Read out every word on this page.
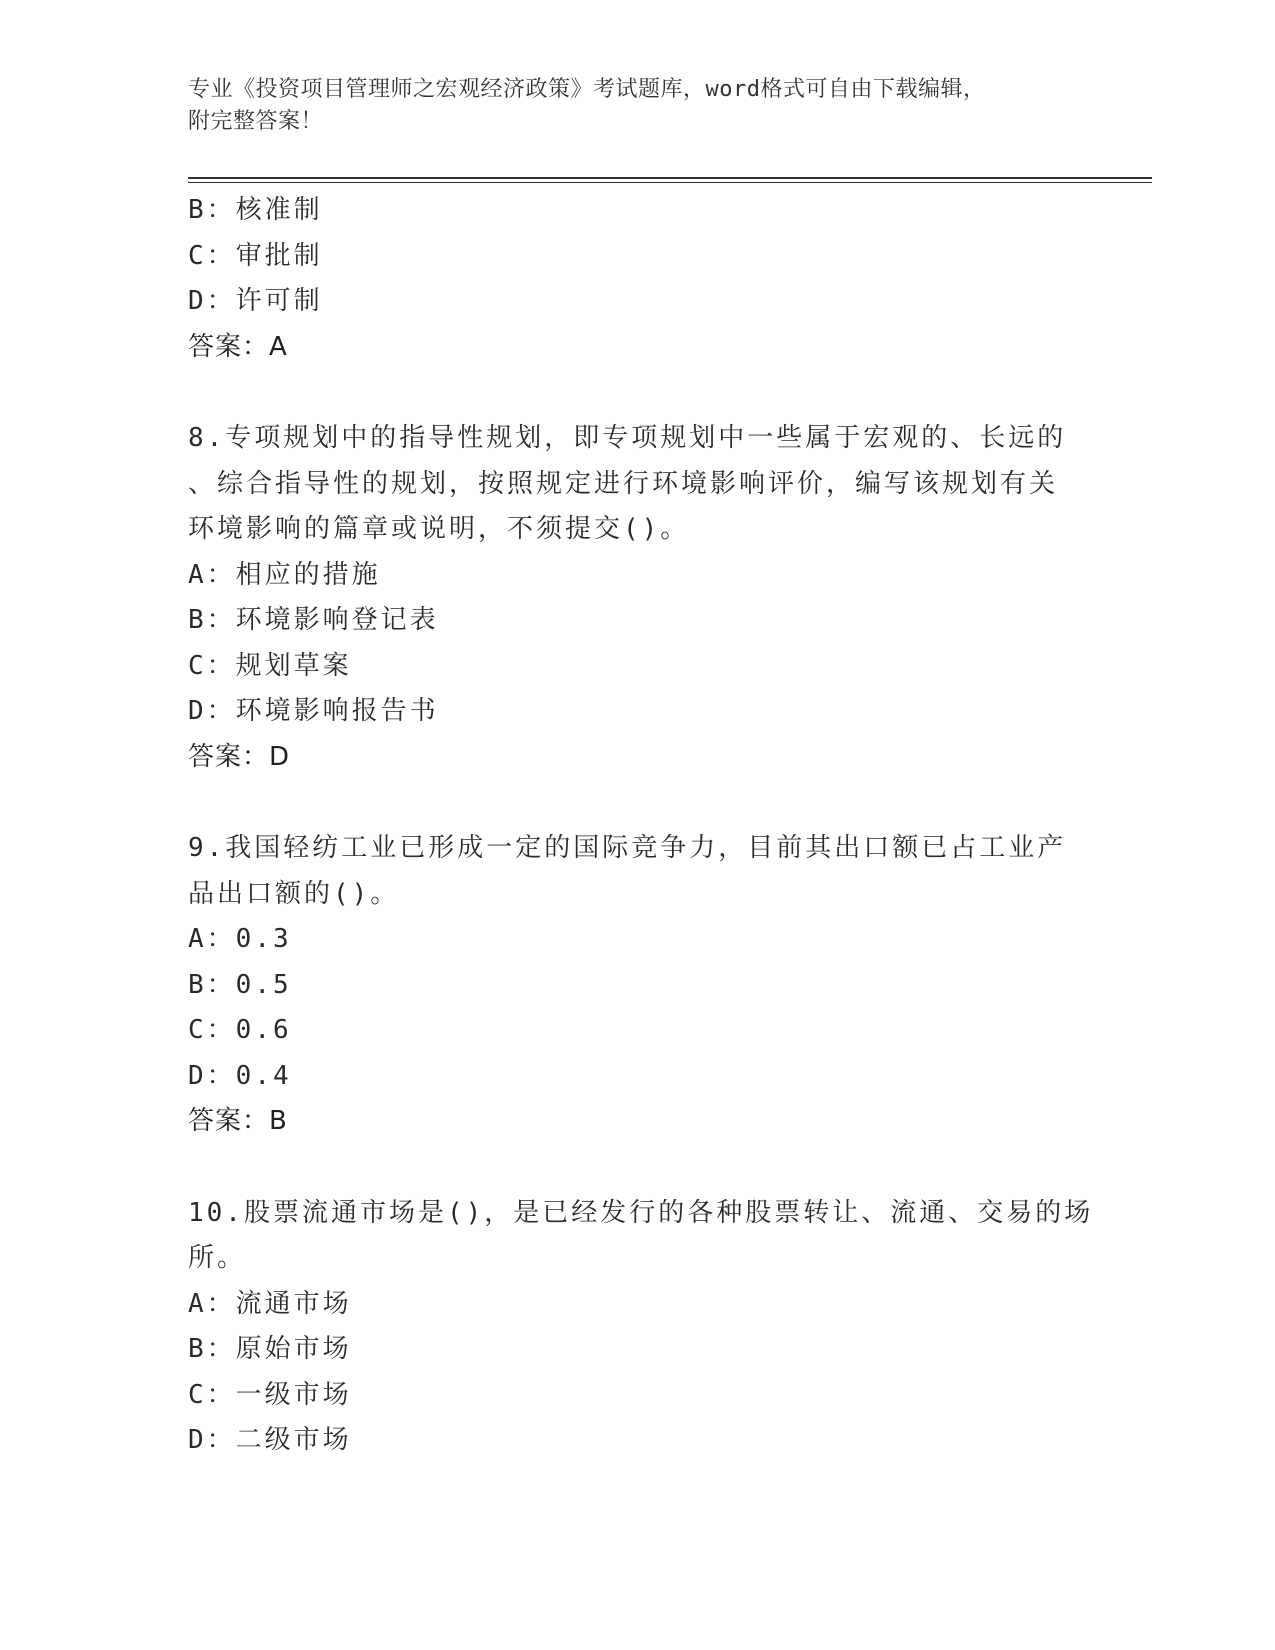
专业《投资项目管理师之宏观经济政策》考试题库，word格式可自由下载编辑，
附完整答案！
B：核准制
C：审批制
D：许可制
答案：A
8.专项规划中的指导性规划，即专项规划中一些属于宏观的、长远的
、综合指导性的规划，按照规定进行环境影响评价，编写该规划有关
环境影响的篇章或说明，不须提交()。
A：相应的措施
B：环境影响登记表
C：规划草案
D：环境影响报告书
答案：D
9.我国轻纺工业已形成一定的国际竞争力，目前其出口额已占工业产
品出口额的()。
A：0.3
B：0.5
C：0.6
D：0.4
答案：B
10.股票流通市场是()，是已经发行的各种股票转让、流通、交易的场
所。
A：流通市场
B：原始市场
C：一级市场
D：二级市场
